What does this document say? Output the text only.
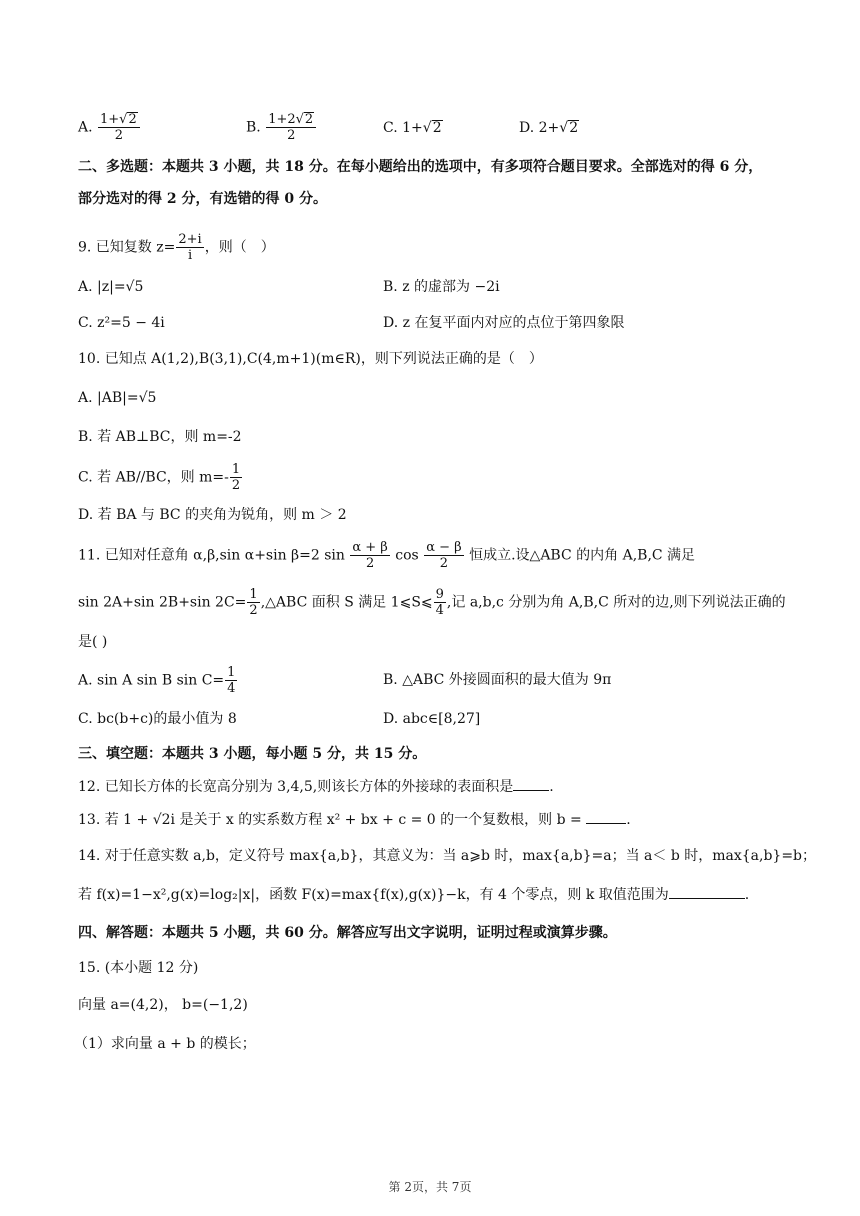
A. $\frac{1+√2}{2}$	B. $\frac{1+2√2}{2}$	C. 1+√2	D. 2+√2
二、多选题：本题共 3 小题，共 18 分。在每小题给出的选项中，有多项符合题目要求。全部选对的得 6 分，
部分选对的得 2 分，有选错的得 0 分。
9. 已知复数 $z= \frac{2+i}{i}$ ，则（　）
A. |z|=√5	B. z 的虚部为 −2i
C. z²=5 − 4i	D. z 在复平面内对应的点位于第四象限
10. 已知点 A(1,2),B(3,1),C(4,m+1)(m∈R)，则下列说法正确的是（　）
A. |AB|=√5
B. 若 AB⊥BC，则 m=-2
C. 若 AB//BC，则 $m=- \frac{1}{2}$
D. 若 BA 与 BC 的夹角为锐角，则 m ＞ 2
11. 已知对任意角 α,β,sin α+sin β=2 $\sin \frac{\alpha + \beta}{2}$ $\cos \frac{\alpha - \beta}{2}$ 恒成立.设△ABC 的内角 A,B,C 满足
sin 2A+sin 2B+sin $2C= \frac{1}{2}$ ,△ABC 面积 S 满足 1⩽S⩽ $\frac{9}{4}$ ,记 a,b,c 分别为角 A,B,C 所对的边,则下列说法正确的
是( )
A. sin A sin B $\sin C= \frac{1}{4}$	B. △ABC 外接圆面积的最大值为 9π
C. bc(b+c)的最小值为 8	D. abc∈[8,27]
三、填空题：本题共 3 小题，每小题 5 分，共 15 分。
12. 已知长方体的长宽高分别为 3,4,5,则该长方体的外接球的表面积是	.
13. 若 1 + √2i 是关于 x 的实系数方程 x² + bx + c = 0 的一个复数根，则 b =	.
14. 对于任意实数 a,b，定义符号 max{a,b}，其意义为：当 a⩾b 时，max{a,b}=a；当 a＜ b 时，max{a,b}=b；
若 f(x)=1−x²,g(x)=log₂|x|，函数 F(x)=max{f(x),g(x)}−k，有 4 个零点，则 k 取值范围为	.
四、解答题：本题共 5 小题，共 60 分。解答应写出文字说明，证明过程或演算步骤。
15. (本小题 12 分)
向量 a=(4,2)， b=(−1,2)
（1）求向量 a + b 的模长；
第 2页，共 7页
